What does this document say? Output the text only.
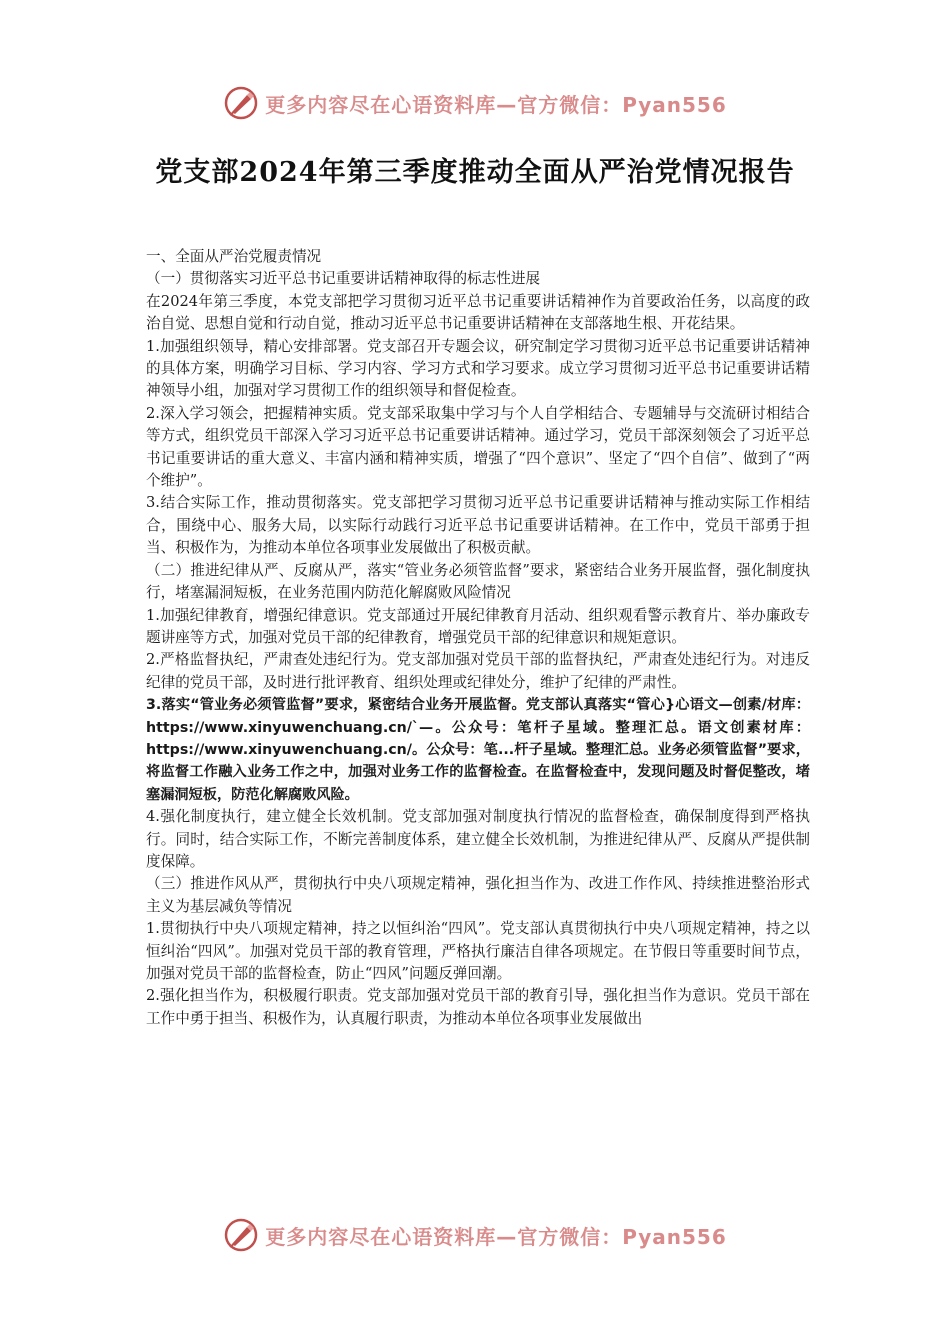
更多内容尽在心语资料库—官方微信：Pyan556
党支部2024年第三季度推动全面从严治党情况报告

一、全面从严治党履责情况

（一）贯彻落实习近平总书记重要讲话精神取得的标志性进展

在2024年第三季度，本党支部把学习贯彻习近平总书记重要讲话精神作为首要政治任务，以高度的政治自觉、思想自觉和行动自觉，推动习近平总书记重要讲话精神在支部落地生根、开花结果。

1.加强组织领导，精心安排部署。党支部召开专题会议，研究制定学习贯彻习近平总书记重要讲话精神的具体方案，明确学习目标、学习内容、学习方式和学习要求。成立学习贯彻习近平总书记重要讲话精神领导小组，加强对学习贯彻工作的组织领导和督促检查。

2.深入学习领会，把握精神实质。党支部采取集中学习与个人自学相结合、专题辅导与交流研讨相结合等方式，组织党员干部深入学习习近平总书记重要讲话精神。通过学习，党员干部深刻领会了习近平总书记重要讲话的重大意义、丰富内涵和精神实质，增强了“四个意识”、坚定了“四个自信”、做到了“两个维护”。

3.结合实际工作，推动贯彻落实。党支部把学习贯彻习近平总书记重要讲话精神与推动实际工作相结合，围绕中心、服务大局，以实际行动践行习近平总书记重要讲话精神。在工作中，党员干部勇于担当、积极作为，为推动本单位各项事业发展做出了积极贡献。

（二）推进纪律从严、反腐从严，落实“管业务必须管监督”要求，紧密结合业务开展监督，强化制度执行，堵塞漏洞短板，在业务范围内防范化解腐败风险情况

1.加强纪律教育，增强纪律意识。党支部通过开展纪律教育月活动、组织观看警示教育片、举办廉政专题讲座等方式，加强对党员干部的纪律教育，增强党员干部的纪律意识和规矩意识。

2.严格监督执纪，严肃查处违纪行为。党支部加强对党员干部的监督执纪，严肃查处违纪行为。对违反纪律的党员干部，及时进行批评教育、组织处理或纪律处分，维护了纪律的严肃性。

3.落实“管业务必须管监督”要求，紧密结合业务开展监督。党支部认真落实“管心}心语文—创素/材库：https://www.xinyuwenchuang.cn/`—。公众号：笔杆子星域。整理汇总。语文创素材库：https://www.xinyuwenchuang.cn/。公众号：笔...杆子星域。整理汇总。业务必须管监督”要求，将监督工作融入业务工作之中，加强对业务工作的监督检查。在监督检查中，发现问题及时督促整改，堵塞漏洞短板，防范化解腐败风险。

4.强化制度执行，建立健全长效机制。党支部加强对制度执行情况的监督检查，确保制度得到严格执行。同时，结合实际工作，不断完善制度体系，建立健全长效机制，为推进纪律从严、反腐从严提供制度保障。

（三）推进作风从严，贯彻执行中央八项规定精神，强化担当作为、改进工作作风、持续推进整治形式主义为基层减负等情况

1.贯彻执行中央八项规定精神，持之以恒纠治“四风”。党支部认真贯彻执行中央八项规定精神，持之以恒纠治“四风”。加强对党员干部的教育管理，严格执行廉洁自律各项规定。在节假日等重要时间节点，加强对党员干部的监督检查，防止“四风”问题反弹回潮。

2.强化担当作为，积极履行职责。党支部加强对党员干部的教育引导，强化担当作为意识。党员干部在工作中勇于担当、积极作为，认真履行职责，为推动本单位各项事业发展做出

更多内容尽在心语资料库—官方微信：Pyan556
